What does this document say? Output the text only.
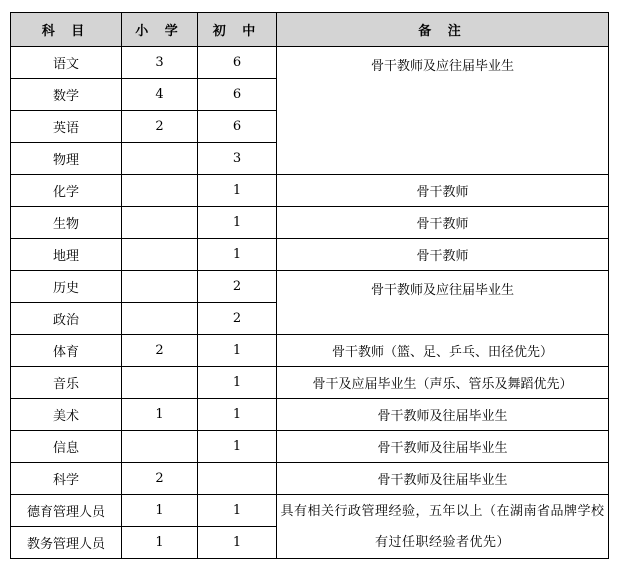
科 目	小 学	初 中	备 注
语文	3	6	骨干教师及应往届毕业生
数学	4	6	
英语	2	6	
物理		3	
化学		1	骨干教师
生物		1	骨干教师
地理		1	骨干教师
历史		2	骨干教师及应往届毕业生
政治		2	
体育	2	1	骨干教师（篮、足、乒乓、田径优先）
音乐		1	骨干及应届毕业生（声乐、管乐及舞蹈优先）
美术	1	1	骨干教师及往届毕业生
信息		1	骨干教师及往届毕业生
科学	2		骨干教师及往届毕业生
德育管理人员	1	1	具有相关行政管理经验，五年以上（在湖南省品牌学校有过任职经验者优先）
教务管理人员	1	1	
